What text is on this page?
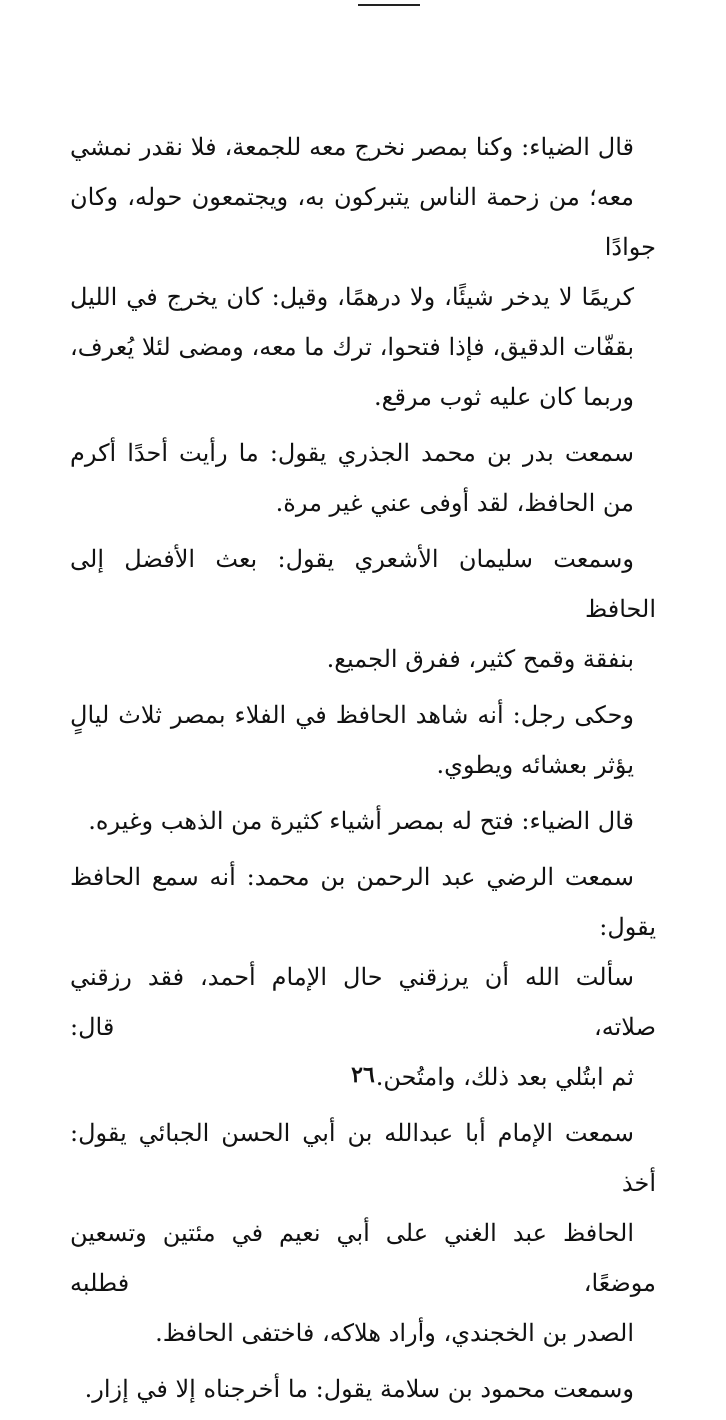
قال الضياء: وكنا بمصر نخرج معه للجمعة، فلا نقدر نمشي
معه؛ من زحمة الناس يتبركون به، ويجتمعون حوله، وكان جوادًا
كريمًا لا يدخر شيئًا، ولا درهمًا، وقيل: كان يخرج في الليل
بقفّات الدقيق، فإذا فتحوا، ترك ما معه، ومضى لئلا يُعرف،
وربما كان عليه ثوب مرقع.

سمعت بدر بن محمد الجذري يقول: ما رأيت أحدًا أكرم
من الحافظ، لقد أوفى عني غير مرة.

وسمعت سليمان الأشعري يقول: بعث الأفضل إلى الحافظ
بنفقة وقمح كثير، ففرق الجميع.

وحكى رجل: أنه شاهد الحافظ في الفلاء بمصر ثلاث ليالٍ
يؤثر بعشائه ويطوي.

قال الضياء: فتح له بمصر أشياء كثيرة من الذهب وغيره.

سمعت الرضي عبد الرحمن بن محمد: أنه سمع الحافظ يقول:
سألت الله أن يرزقني حال الإمام أحمد، فقد رزقني صلاته، قال:
ثم ابتُلي بعد ذلك، وامتُحن.

سمعت الإمام أبا عبدالله بن أبي الحسن الجبائي يقول: أخذ
الحافظ عبد الغني على أبي نعيم في مئتين وتسعين موضعًا، فطلبه
الصدر بن الخجندي، وأراد هلاكه، فاختفى الحافظ.

وسمعت محمود بن سلامة يقول: ما أخرجناه إلا في إزار.

٢٦
